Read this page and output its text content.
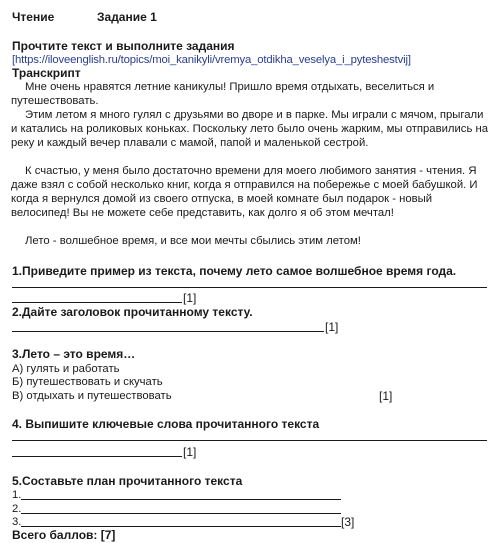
Чтение	Задание 1
Прочтите текст и выполните задания
[https://iloveenglish.ru/topics/moi_kanikyli/vremya_otdikha_veselya_i_pyteshestvij]
Транскрипт

Мне очень нравятся летние каникулы! Пришло время отдыхать, веселиться и путешествовать.

Этим летом я много гулял с друзьями во дворе и в парке. Мы играли с мячом, прыгали и катались на роликовых коньках. Поскольку лето было очень жарким, мы отправились на реку и каждый вечер плавали с мамой, папой и маленькой сестрой.

К счастью, у меня было достаточно времени для моего любимого занятия - чтения. Я даже взял с собой несколько книг, когда я отправился на побережье с моей бабушкой. И когда я вернулся домой из своего отпуска, в моей комнате был подарок - новый велосипед! Вы не можете себе представить, как долго я об этом мечтал!

Лето - волшебное время, и все мои мечты сбылись этим летом!

1.Приведите пример из текста, почему лето самое волшебное время года.
[1]
2.Дайте заголовок прочитанному тексту.
[1]
3.Лето – это время…
А) гулять и работать
Б) путешествовать и скучать
В) отдыхать и путешествовать	[1]
4. Выпишите ключевые слова прочитанного текста
[1]
5.Составьте план прочитанного текста
1.
2.
3.	[3]
Всего баллов: [7]
